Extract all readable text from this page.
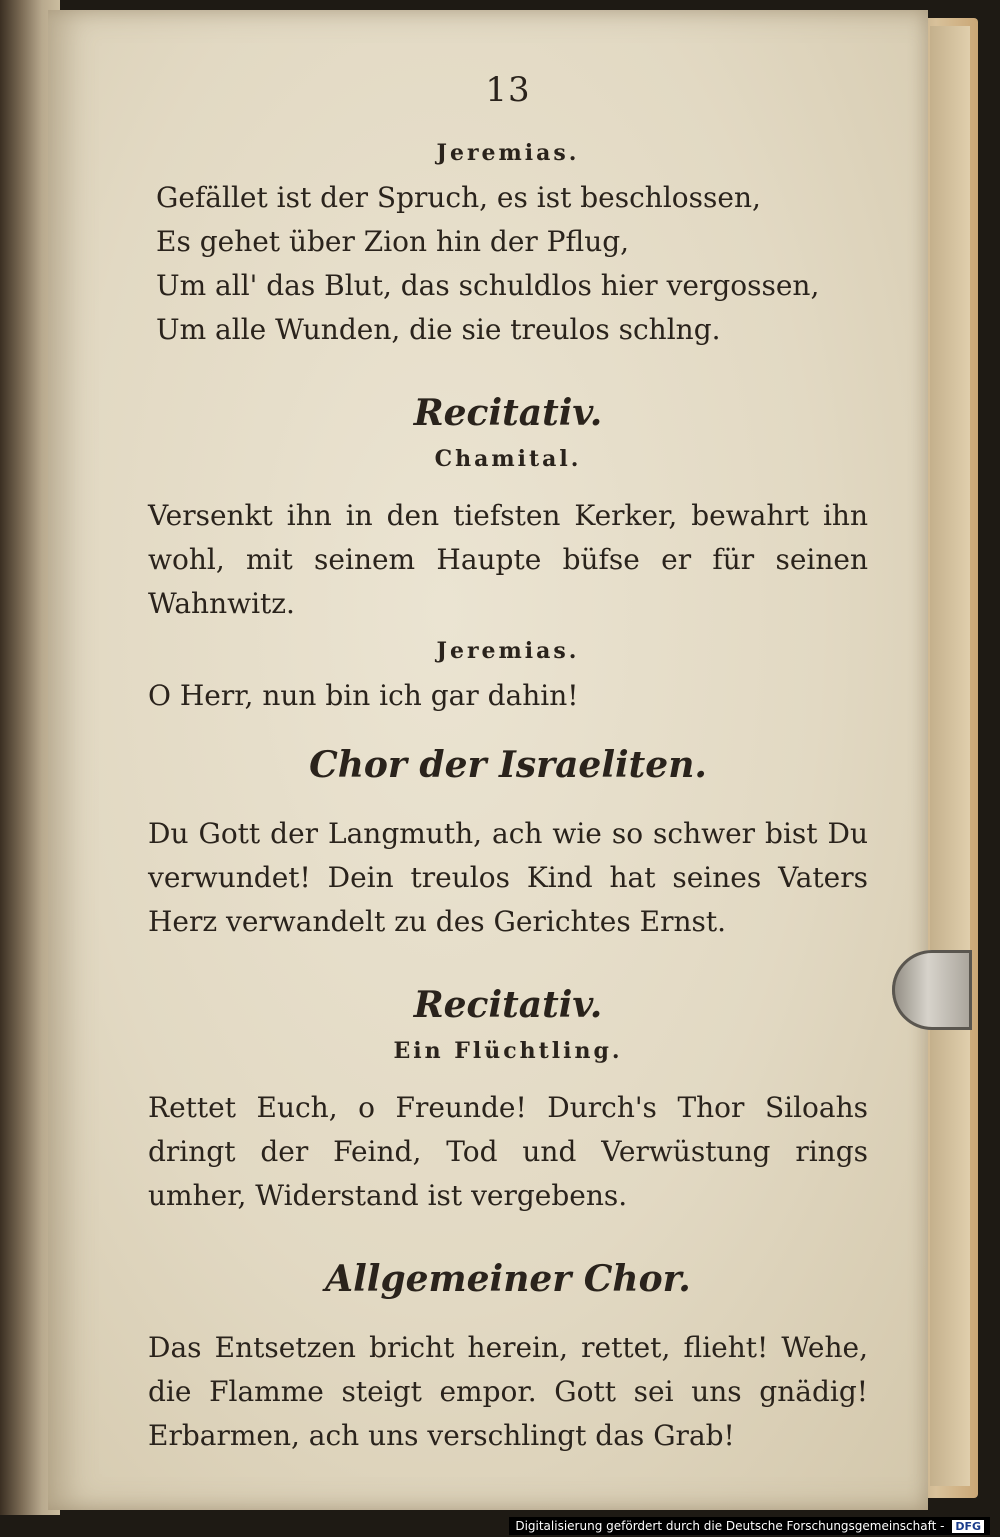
13
Jeremias.

Gefället ist der Spruch, es ist beschlossen,

Es gehet über Zion hin der Pflug,

Um all' das Blut, das schuldlos hier vergossen,

Um alle Wunden, die sie treulos schlng.

Recitativ.
Chamital.

Versenkt ihn in den tiefsten Kerker, bewahrt ihn wohl, mit seinem Haupte büfse er für seinen Wahnwitz.

Jeremias.

O Herr, nun bin ich gar dahin!

Chor der Israeliten.

Du Gott der Langmuth, ach wie so schwer bist Du verwundet! Dein treulos Kind hat seines Vaters Herz verwandelt zu des Gerichtes Ernst.

Recitativ.
Ein Flüchtling.

Rettet Euch, o Freunde! Durch's Thor Siloahs dringt der Feind, Tod und Verwüstung rings umher, Widerstand ist vergebens.

Allgemeiner Chor.

Das Entsetzen bricht herein, rettet, flieht! Wehe, die Flamme steigt empor. Gott sei uns gnädig! Erbarmen, ach uns verschlingt das Grab!

Digitalisierung gefördert durch die Deutsche Forschungsgemeinschaft - DFG
